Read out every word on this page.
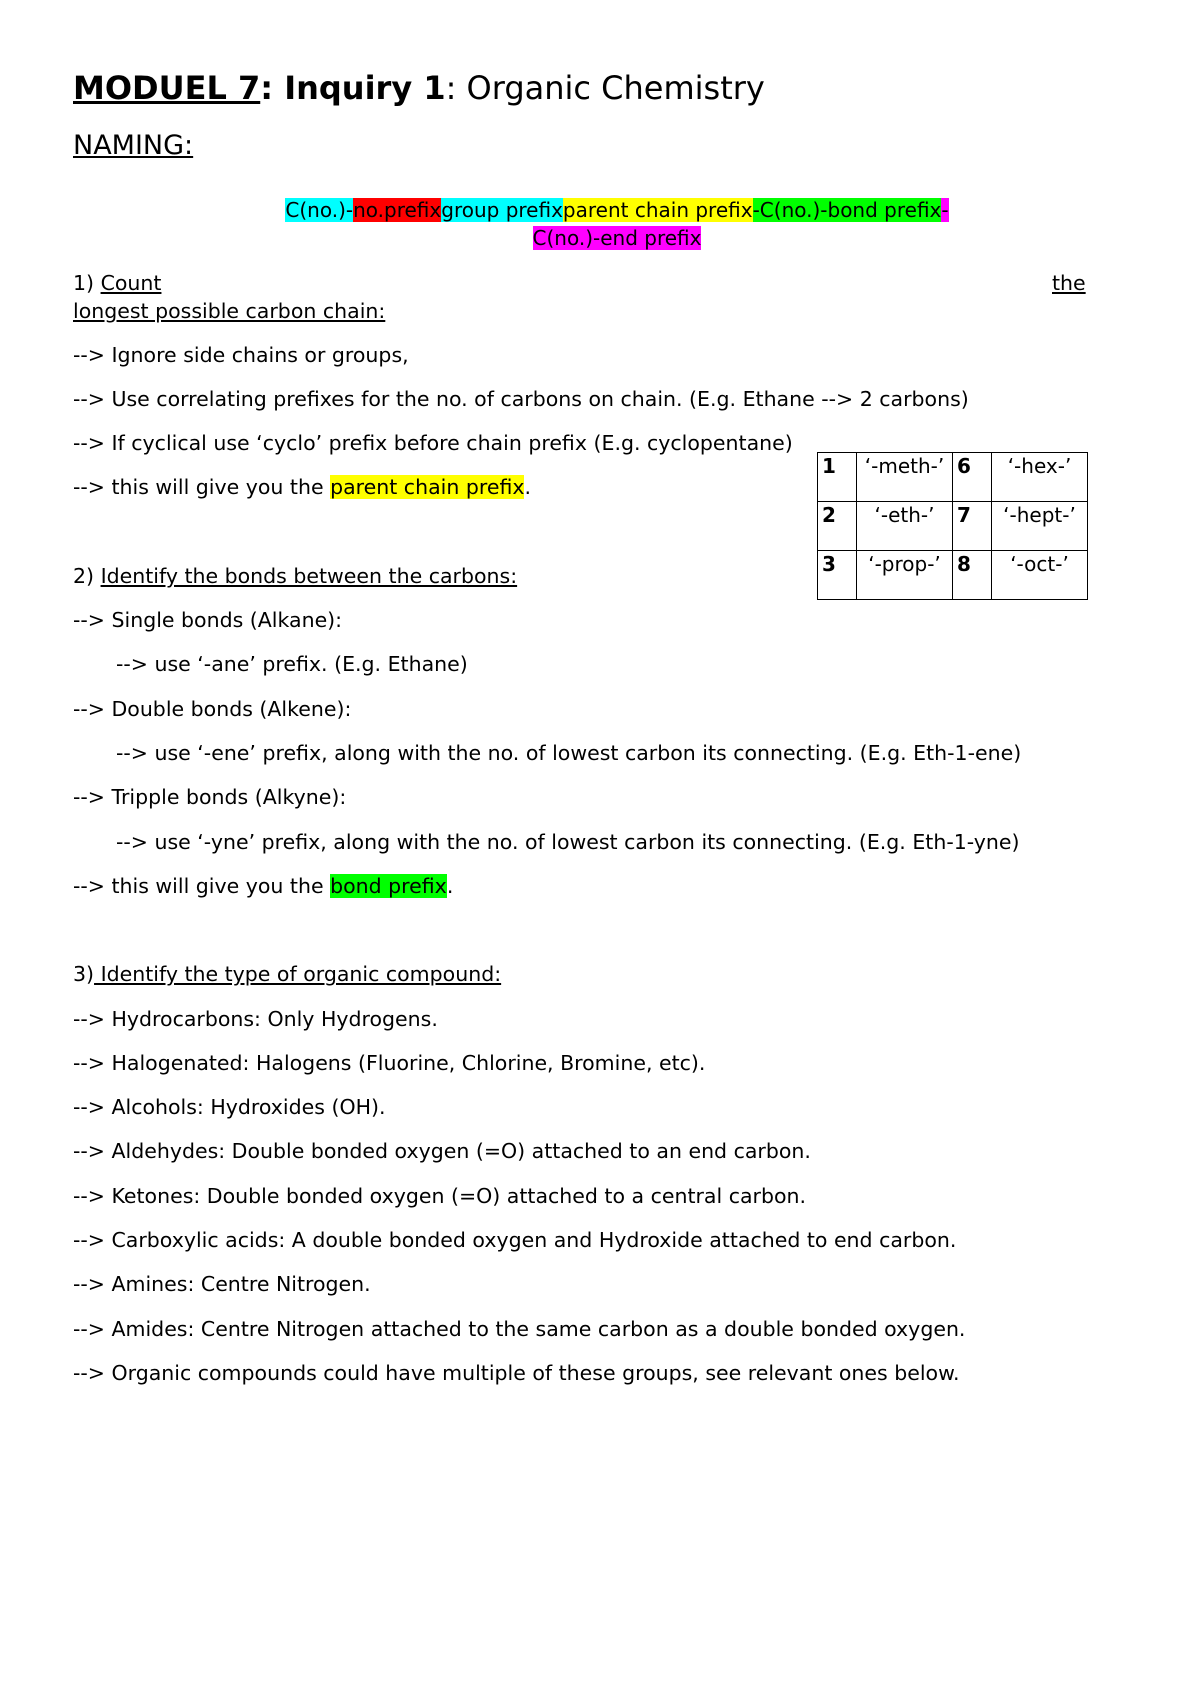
MODUEL 7: Inquiry 1: Organic Chemistry
NAMING:
C(no.)-no.prefixgroup prefixparent chain prefix-C(no.)-bond prefix-
C(no.)-end prefix
1) Count	the
longest possible carbon chain:
--> Ignore side chains or groups,
--> Use correlating prefixes for the no. of carbons on chain. (E.g. Ethane --> 2 carbons)
--> If cyclical use ‘cyclo’ prefix before chain prefix (E.g. cyclopentane)
--> this will give you the parent chain prefix.
1	‘-meth-’	6	‘-hex-’
2	‘-eth-’	7	‘-hept-’
3	‘-prop-’	8	‘-oct-’
2) Identify the bonds between the carbons:
--> Single bonds (Alkane):
--> use ‘-ane’ prefix. (E.g. Ethane)
--> Double bonds (Alkene):
--> use ‘-ene’ prefix, along with the no. of lowest carbon its connecting. (E.g. Eth-1-ene)
--> Tripple bonds (Alkyne):
--> use ‘-yne’ prefix, along with the no. of lowest carbon its connecting. (E.g. Eth-1-yne)
--> this will give you the bond prefix.
3) Identify the type of organic compound:
--> Hydrocarbons: Only Hydrogens.
--> Halogenated: Halogens (Fluorine, Chlorine, Bromine, etc).
--> Alcohols: Hydroxides (OH).
--> Aldehydes: Double bonded oxygen (=O) attached to an end carbon.
--> Ketones: Double bonded oxygen (=O) attached to a central carbon.
--> Carboxylic acids: A double bonded oxygen and Hydroxide attached to end carbon.
--> Amines: Centre Nitrogen.
--> Amides: Centre Nitrogen attached to the same carbon as a double bonded oxygen.
--> Organic compounds could have multiple of these groups, see relevant ones below.
